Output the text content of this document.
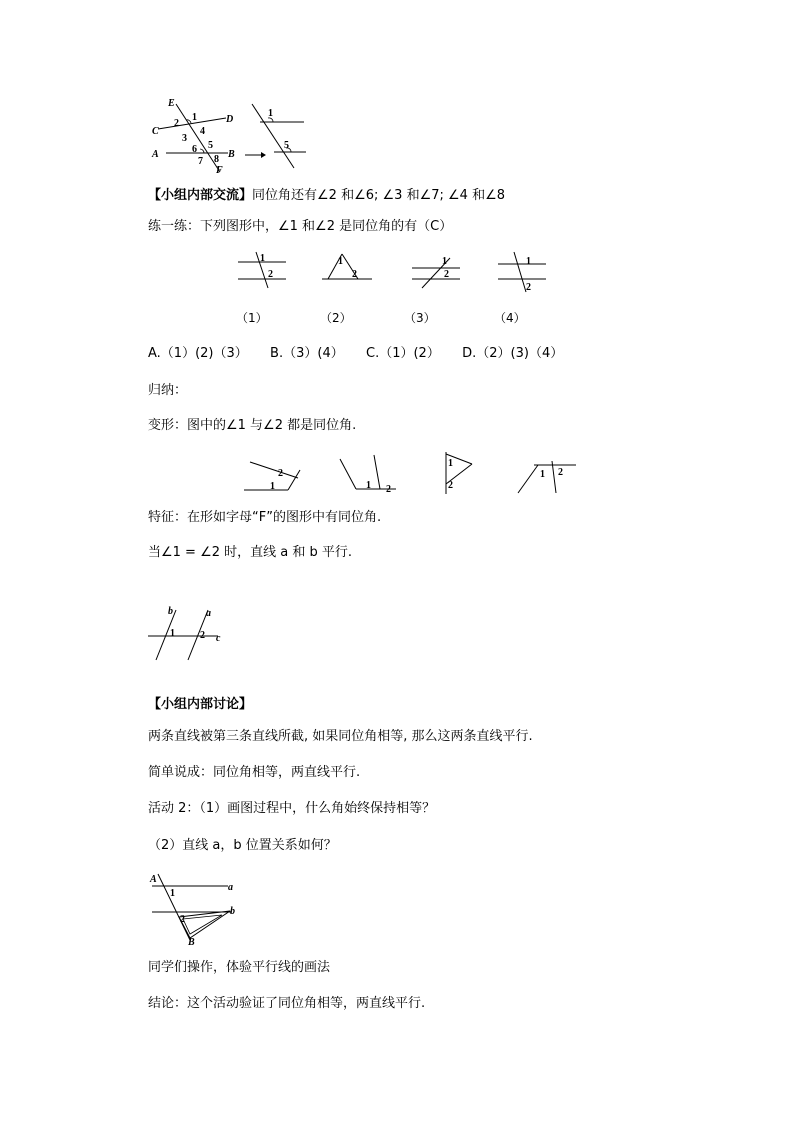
E
1	D
2
C	4
3
A	6 5
B
7 8
F
1
5
【小组内部交流】同位角还有∠2 和∠6; ∠3 和∠7; ∠4 和∠8
练一练：下列图形中，∠1 和∠2 是同位角的有（C）
1
2
1
2
1
2
1
2
（1）	（2）	（3）	（4）
A.（1）(2)（3） B.（3）(4） C.（1）(2） D.（2）(3)（4）
归纳：
变形：图中的∠1 与∠2 都是同位角.
2
1	1 2
1
2
1 2
特征：在形如字母“F”的图形中有同位角.
当∠1 = ∠2 时，直线 a 和 b 平行.
b	a
1	2 c
【小组内部讨论】
两条直线被第三条直线所截, 如果同位角相等, 那么这两条直线平行.
简单说成：同位角相等，两直线平行.
活动 2：（1）画图过程中，什么角始终保持相等？
（2）直线 a，b 位置关系如何？
A
1
a
b
2
B
同学们操作，体验平行线的画法
结论：这个活动验证了同位角相等，两直线平行.
